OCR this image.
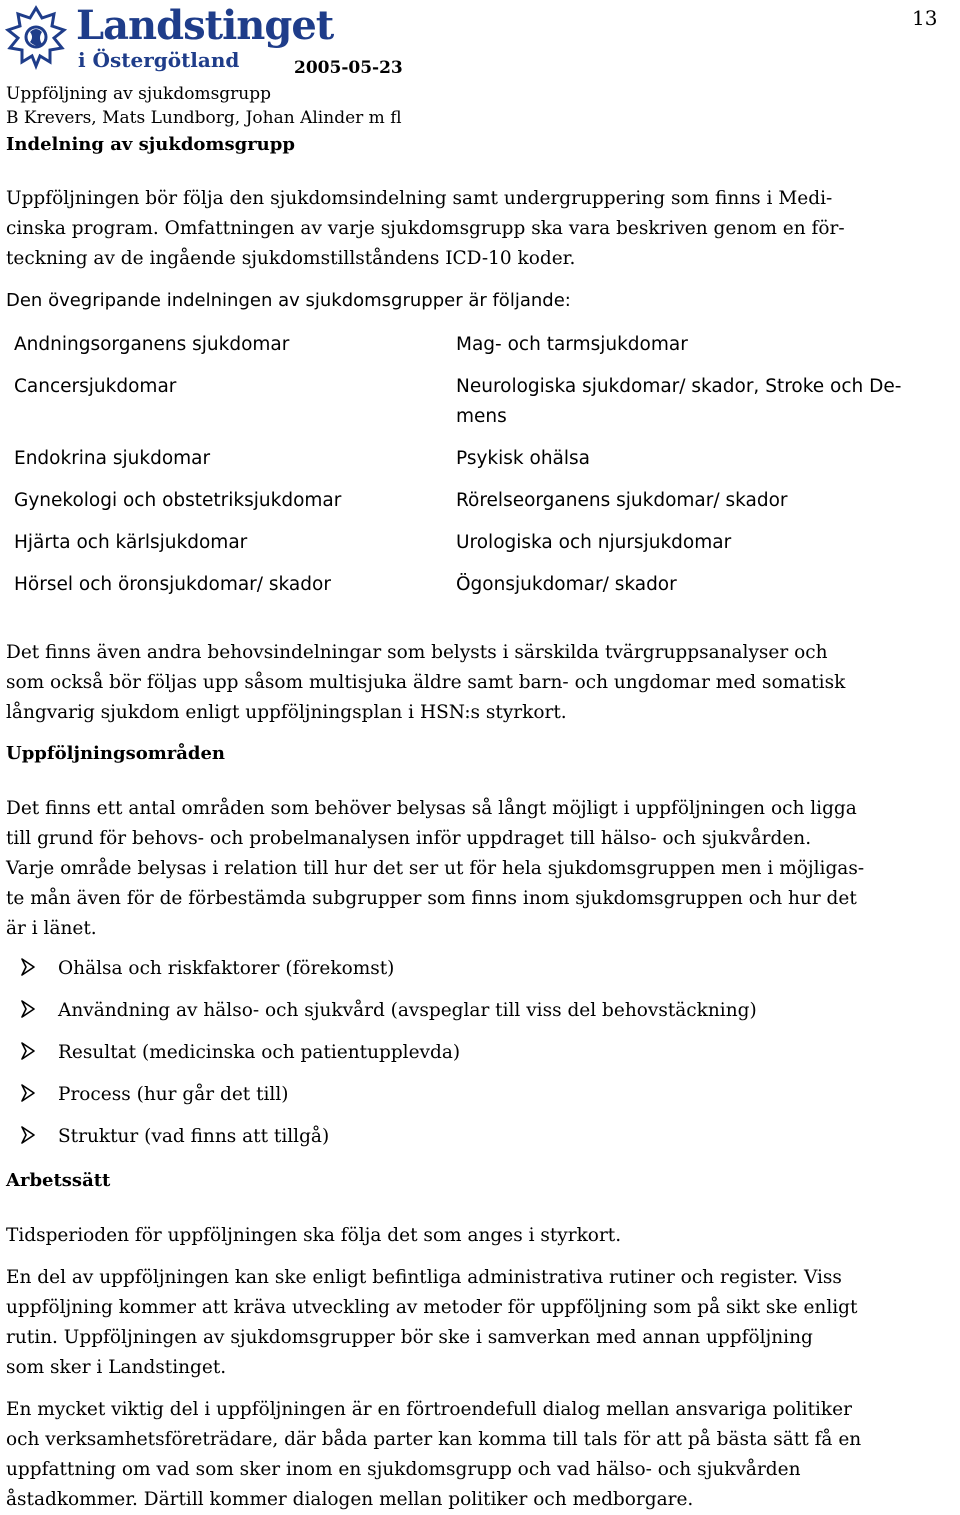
Landstinget
i Östergötland
13
2005-05-23
Uppföljning av sjukdomsgrupp
B Krevers, Mats Lundborg, Johan Alinder m fl
Indelning av sjukdomsgrupp
Uppföljningen bör följa den sjukdomsindelning samt undergruppering som finns i Medi-
cinska program. Omfattningen av varje sjukdomsgrupp ska vara beskriven genom en för-
teckning av de ingående sjukdomstillståndens ICD-10 koder.
Den övegripande indelningen av sjukdomsgrupper är följande:
Andningsorganens sjukdomar
Cancersjukdomar
Endokrina sjukdomar
Gynekologi och obstetriksjukdomar
Hjärta och kärlsjukdomar
Hörsel och öronsjukdomar/ skador
Mag- och tarmsjukdomar
Neurologiska sjukdomar/ skador, Stroke och De-
mens
Psykisk ohälsa
Rörelseorganens sjukdomar/ skador
Urologiska och njursjukdomar
Ögonsjukdomar/ skador
Det finns även andra behovsindelningar som belysts i särskilda tvärgruppsanalyser och
som också bör följas upp såsom multisjuka äldre samt barn- och ungdomar med somatisk
långvarig sjukdom enligt uppföljningsplan i HSN:s styrkort.
Uppföljningsområden
Det finns ett antal områden som behöver belysas så långt möjligt i uppföljningen och ligga
till grund för behovs- och probelmanalysen inför uppdraget till hälso- och sjukvården.
Varje område belysas i relation till hur det ser ut för hela sjukdomsgruppen men i möjligas-
te mån även för de förbestämda subgrupper som finns inom sjukdomsgruppen och hur det
är i länet.
Ohälsa och riskfaktorer (förekomst)
Användning av hälso- och sjukvård (avspeglar till viss del behovstäckning)
Resultat (medicinska och patientupplevda)
Process (hur går det till)
Struktur (vad finns att tillgå)
Arbetssätt
Tidsperioden för uppföljningen ska följa det som anges i styrkort.
En del av uppföljningen kan ske enligt befintliga administrativa rutiner och register. Viss
uppföljning kommer att kräva utveckling av metoder för uppföljning som på sikt ske enligt
rutin. Uppföljningen av sjukdomsgrupper bör ske i samverkan med annan uppföljning
som sker i Landstinget.
En mycket viktig del i uppföljningen är en förtroendefull dialog mellan ansvariga politiker
och verksamhetsföreträdare, där båda parter kan komma till tals för att på bästa sätt få en
uppfattning om vad som sker inom en sjukdomsgrupp och vad hälso- och sjukvården
åstadkommer. Därtill kommer dialogen mellan politiker och medborgare.
